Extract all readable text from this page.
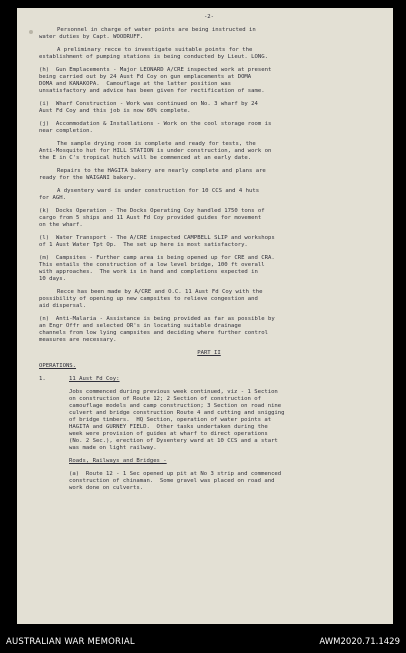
-2-
Personnel in charge of water points are being instructed in
water duties by Capt. WOODRUFF.
A preliminary recce to investigate suitable points for the
establishment of pumping stations is being conducted by Lieut. LONG.
(h)  Gun Emplacements - Major LEONARD A/CRE inspected work at present
being carried out by 24 Aust Fd Coy on gun emplacements at DOMA
DOMA and KANAKOPA.  Camouflage at the latter position was
unsatisfactory and advice has been given for rectification of same.
(i)  Wharf Construction - Work was continued on No. 3 wharf by 24
Aust Fd Coy and this job is now 60% complete.
(j)  Accommodation & Installations - Work on the cool storage room is
near completion.
The sample drying room is complete and ready for tests, the
Anti-Mosquito hut for HILL STATION is under construction, and work on
the E in C's tropical hutch will be commenced at an early date.
Repairs to the HAGITA bakery are nearly complete and plans are
ready for the WAIGANI bakery.
A dysentery ward is under construction for 10 CCS and 4 huts
for AGH.
(k)  Docks Operation - The Docks Operating Coy handled 1750 tons of
cargo from 5 ships and 11 Aust Fd Coy provided guides for movement
on the wharf.
(l)  Water Transport - The A/CRE inspected CAMPBELL SLIP and workshops
of 1 Aust Water Tpt Op.  The set up here is most satisfactory.
(m)  Campsites - Further camp area is being opened up for CRE and CRA.
This entails the construction of a low level bridge, 100 ft overall
with approaches.  The work is in hand and completions expected in
10 days.
Recce has been made by A/CRE and O.C. 11 Aust Fd Coy with the
possibility of opening up new campsites to relieve congestion and
aid dispersal.
(n)  Anti-Malaria - Assistance is being provided as far as possible by
an Engr Offr and selected OR's in locating suitable drainage
channels from low lying campsites and deciding where further control
measures are necessary.
PART II
OPERATIONS.
1.	11 Aust Fd Coy:
Jobs commenced during previous week continued, viz - 1 Section
on construction of Route 12; 2 Section of construction of
camouflage models and camp construction; 3 Section on road nine
culvert and bridge construction Route 4 and cutting and snigging
of bridge timbers.  HQ Section, operation of water points at
HAGITA and GURNEY FIELD.  Other tasks undertaken during the
week were provision of guides at wharf to direct operations
(No. 2 Sec.), erection of Dysentery ward at 10 CCS and a start
was made on light railway.
Roads, Railways and Bridges -
(a)  Route 12 - 1 Sec opened up pit at No 3 strip and commenced
construction of chinaman.  Some gravel was placed on road and
work done on culverts.
AUSTRALIAN WAR MEMORIAL	AWM2020.71.1429
